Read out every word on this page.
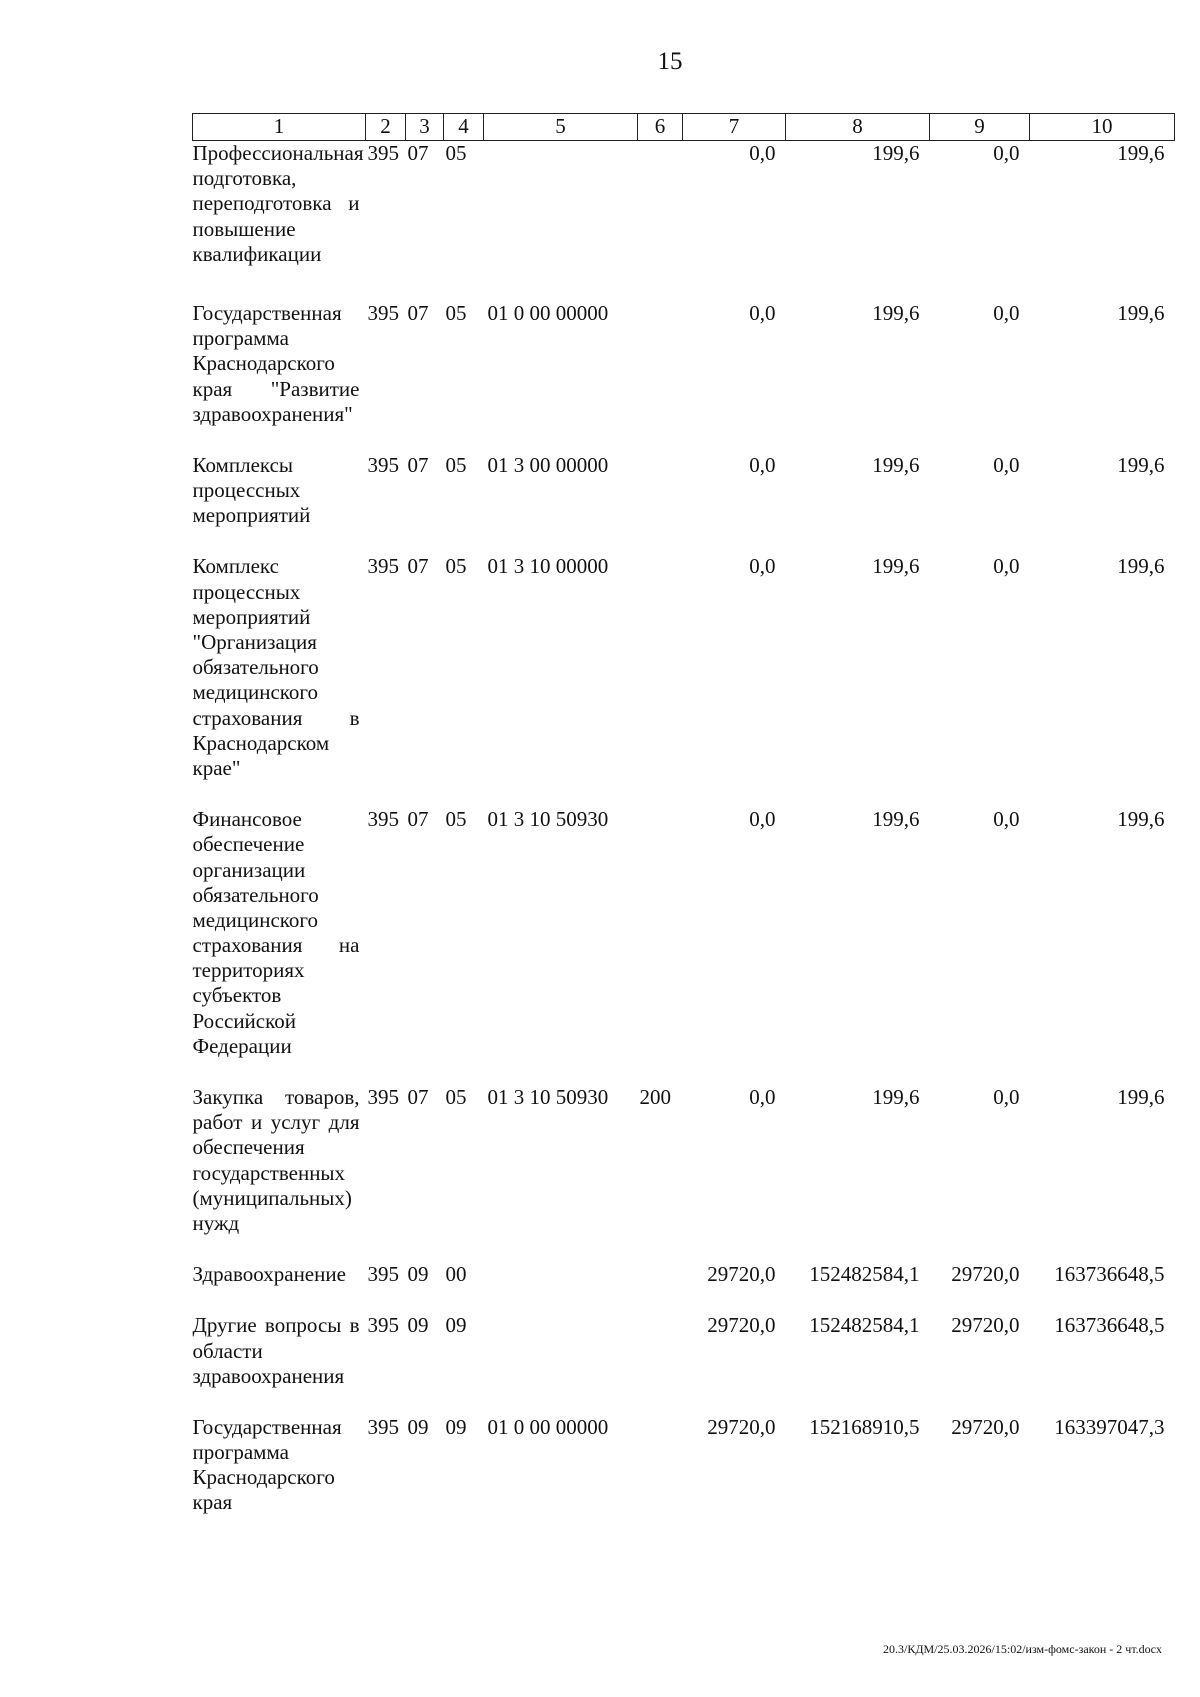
15
1	2	3	4	5	6	7	8	9	10
Профессиональная подготовка, переподготовка и повышение квалификации	395	07	05			0,0	199,6	0,0	199,6
Государственная программа Краснодарского края "Развитие здравоохранения"	395	07	05	01 0 00 00000		0,0	199,6	0,0	199,6
Комплексы процессных мероприятий	395	07	05	01 3 00 00000		0,0	199,6	0,0	199,6
Комплекс процессных мероприятий "Организация обязательного медицинского страхования в Краснодарском крае"	395	07	05	01 3 10 00000		0,0	199,6	0,0	199,6
Финансовое обеспечение организации обязательного медицинского страхования на территориях субъектов Российской Федерации	395	07	05	01 3 10 50930		0,0	199,6	0,0	199,6
Закупка товаров, работ и услуг для обеспечения государственных (муниципальных) нужд	395	07	05	01 3 10 50930	200	0,0	199,6	0,0	199,6
Здравоохранение	395	09	00			29720,0	152482584,1	29720,0	163736648,5
Другие вопросы в области здравоохранения	395	09	09			29720,0	152482584,1	29720,0	163736648,5
Государственная программа Краснодарского края	395	09	09	01 0 00 00000		29720,0	152168910,5	29720,0	163397047,3
20.3/КДМ/25.03.2026/15:02/изм-фомс-закон - 2 чт.docx
